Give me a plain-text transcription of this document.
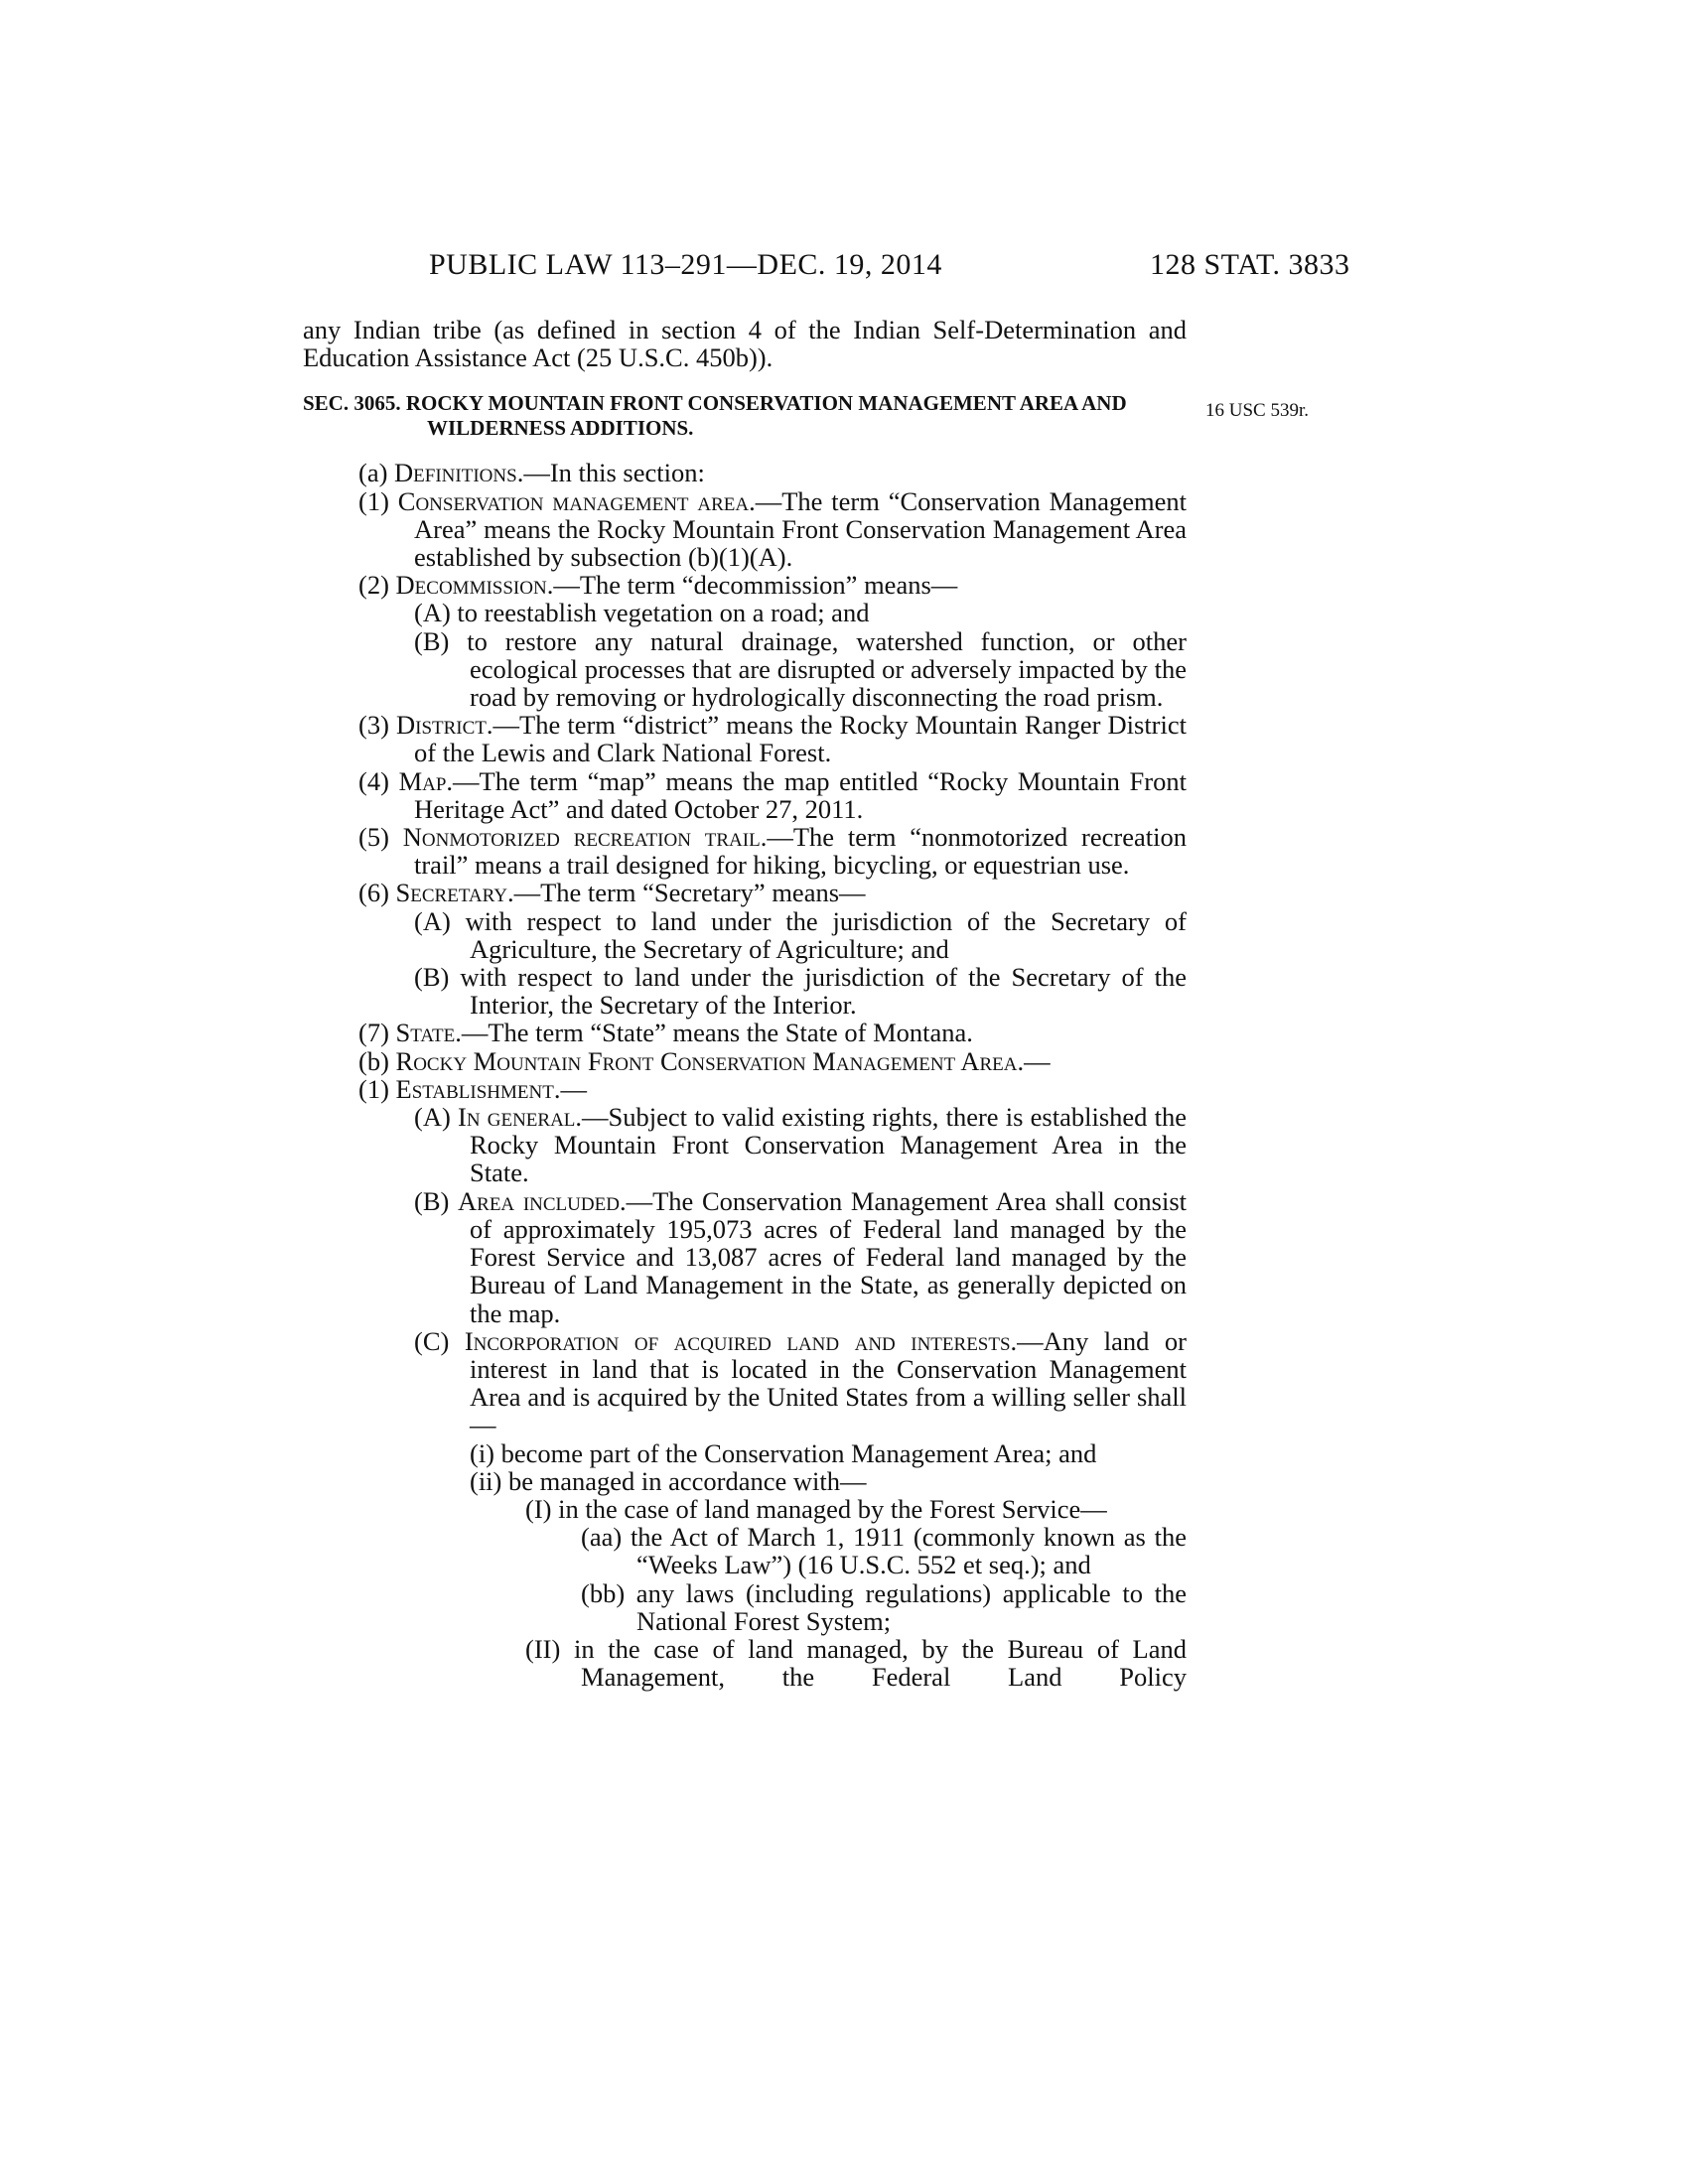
PUBLIC LAW 113–291—DEC. 19, 2014	128 STAT. 3833
16 USC 539r.

any Indian tribe (as defined in section 4 of the Indian Self-Determination and Education Assistance Act (25 U.S.C. 450b)).

SEC. 3065. ROCKY MOUNTAIN FRONT CONSERVATION MANAGEMENT AREA AND WILDERNESS ADDITIONS.

(a) Definitions.—In this section:

(1) Conservation management area.—The term “Conservation Management Area” means the Rocky Mountain Front Conservation Management Area established by subsection (b)(1)(A).

(2) Decommission.—The term “decommission” means—

(A) to reestablish vegetation on a road; and

(B) to restore any natural drainage, watershed function, or other ecological processes that are disrupted or adversely impacted by the road by removing or hydrologically disconnecting the road prism.

(3) District.—The term “district” means the Rocky Mountain Ranger District of the Lewis and Clark National Forest.

(4) Map.—The term “map” means the map entitled “Rocky Mountain Front Heritage Act” and dated October 27, 2011.

(5) Nonmotorized recreation trail.—The term “nonmotorized recreation trail” means a trail designed for hiking, bicycling, or equestrian use.

(6) Secretary.—The term “Secretary” means—

(A) with respect to land under the jurisdiction of the Secretary of Agriculture, the Secretary of Agriculture; and

(B) with respect to land under the jurisdiction of the Secretary of the Interior, the Secretary of the Interior.

(7) State.—The term “State” means the State of Montana.

(b) Rocky Mountain Front Conservation Management Area.—

(1) Establishment.—

(A) In general.—Subject to valid existing rights, there is established the Rocky Mountain Front Conservation Management Area in the State.

(B) Area included.—The Conservation Management Area shall consist of approximately 195,073 acres of Federal land managed by the Forest Service and 13,087 acres of Federal land managed by the Bureau of Land Management in the State, as generally depicted on the map.

(C) Incorporation of acquired land and interests.—Any land or interest in land that is located in the Conservation Management Area and is acquired by the United States from a willing seller shall—

(i) become part of the Conservation Management Area; and

(ii) be managed in accordance with—

(I) in the case of land managed by the Forest Service—

(aa) the Act of March 1, 1911 (commonly known as the “Weeks Law”) (16 U.S.C. 552 et seq.); and

(bb) any laws (including regulations) applicable to the National Forest System;

(II) in the case of land managed, by the Bureau of Land Management, the Federal Land Policy
